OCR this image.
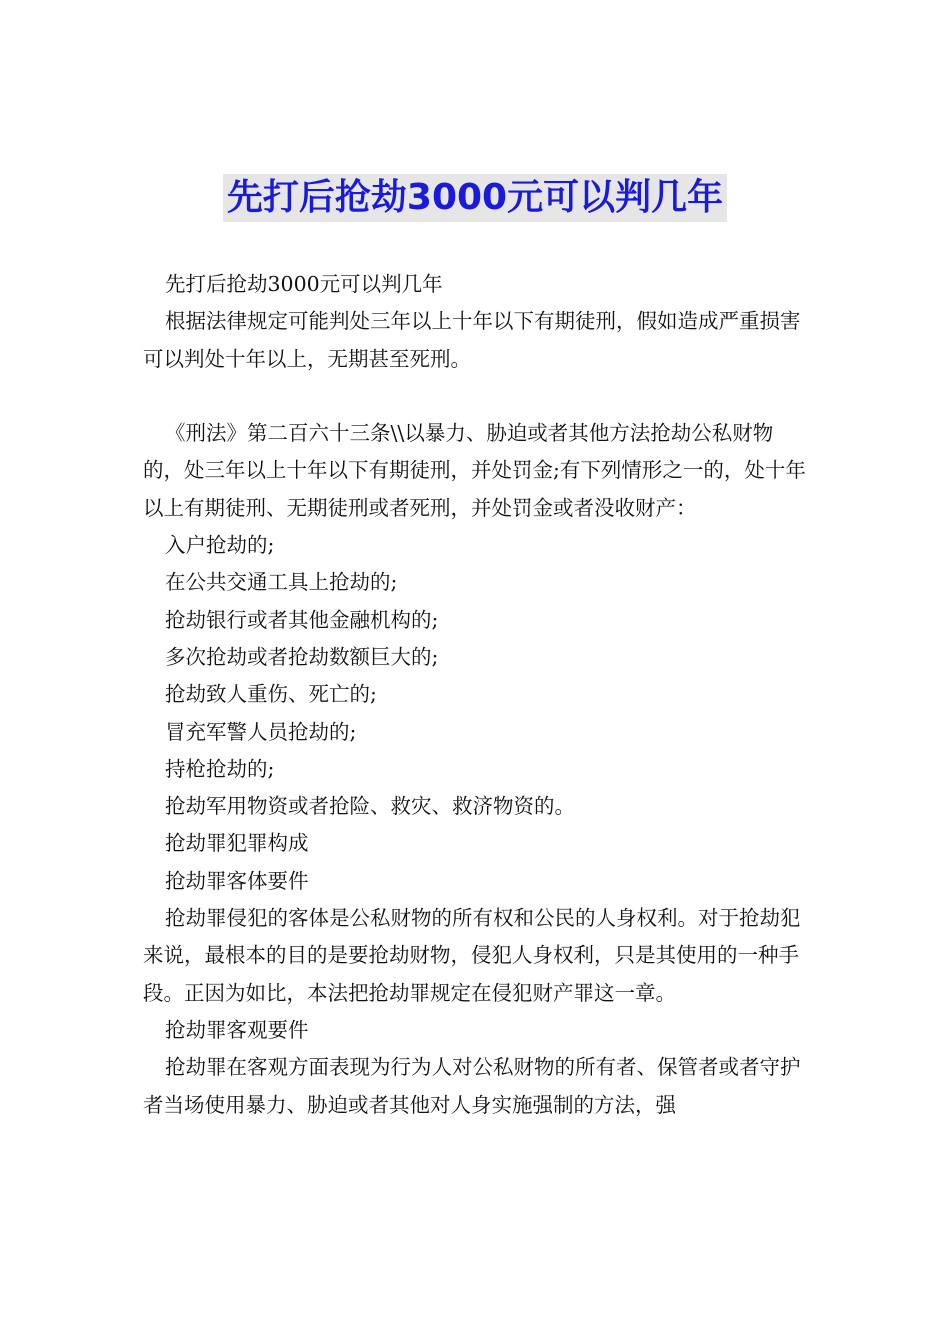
先打后抢劫3000元可以判几年

先打后抢劫3000元可以判几年

根据法律规定可能判处三年以上十年以下有期徒刑，假如造成严重损害可以判处十年以上，无期甚至死刑。

《刑法》第二百六十三条\\以暴力、胁迫或者其他方法抢劫公私财物的，处三年以上十年以下有期徒刑，并处罚金;有下列情形之一的，处十年以上有期徒刑、无期徒刑或者死刑，并处罚金或者没收财产：

入户抢劫的;

在公共交通工具上抢劫的;

抢劫银行或者其他金融机构的;

多次抢劫或者抢劫数额巨大的;

抢劫致人重伤、死亡的;

冒充军警人员抢劫的;

持枪抢劫的;

抢劫军用物资或者抢险、救灾、救济物资的。

抢劫罪犯罪构成

抢劫罪客体要件

抢劫罪侵犯的客体是公私财物的所有权和公民的人身权利。对于抢劫犯来说，最根本的目的是要抢劫财物，侵犯人身权利，只是其使用的一种手段。正因为如比，本法把抢劫罪规定在侵犯财产罪这一章。

抢劫罪客观要件

抢劫罪在客观方面表现为行为人对公私财物的所有者、保管者或者守护者当场使用暴力、胁迫或者其他对人身实施强制的方法，强
